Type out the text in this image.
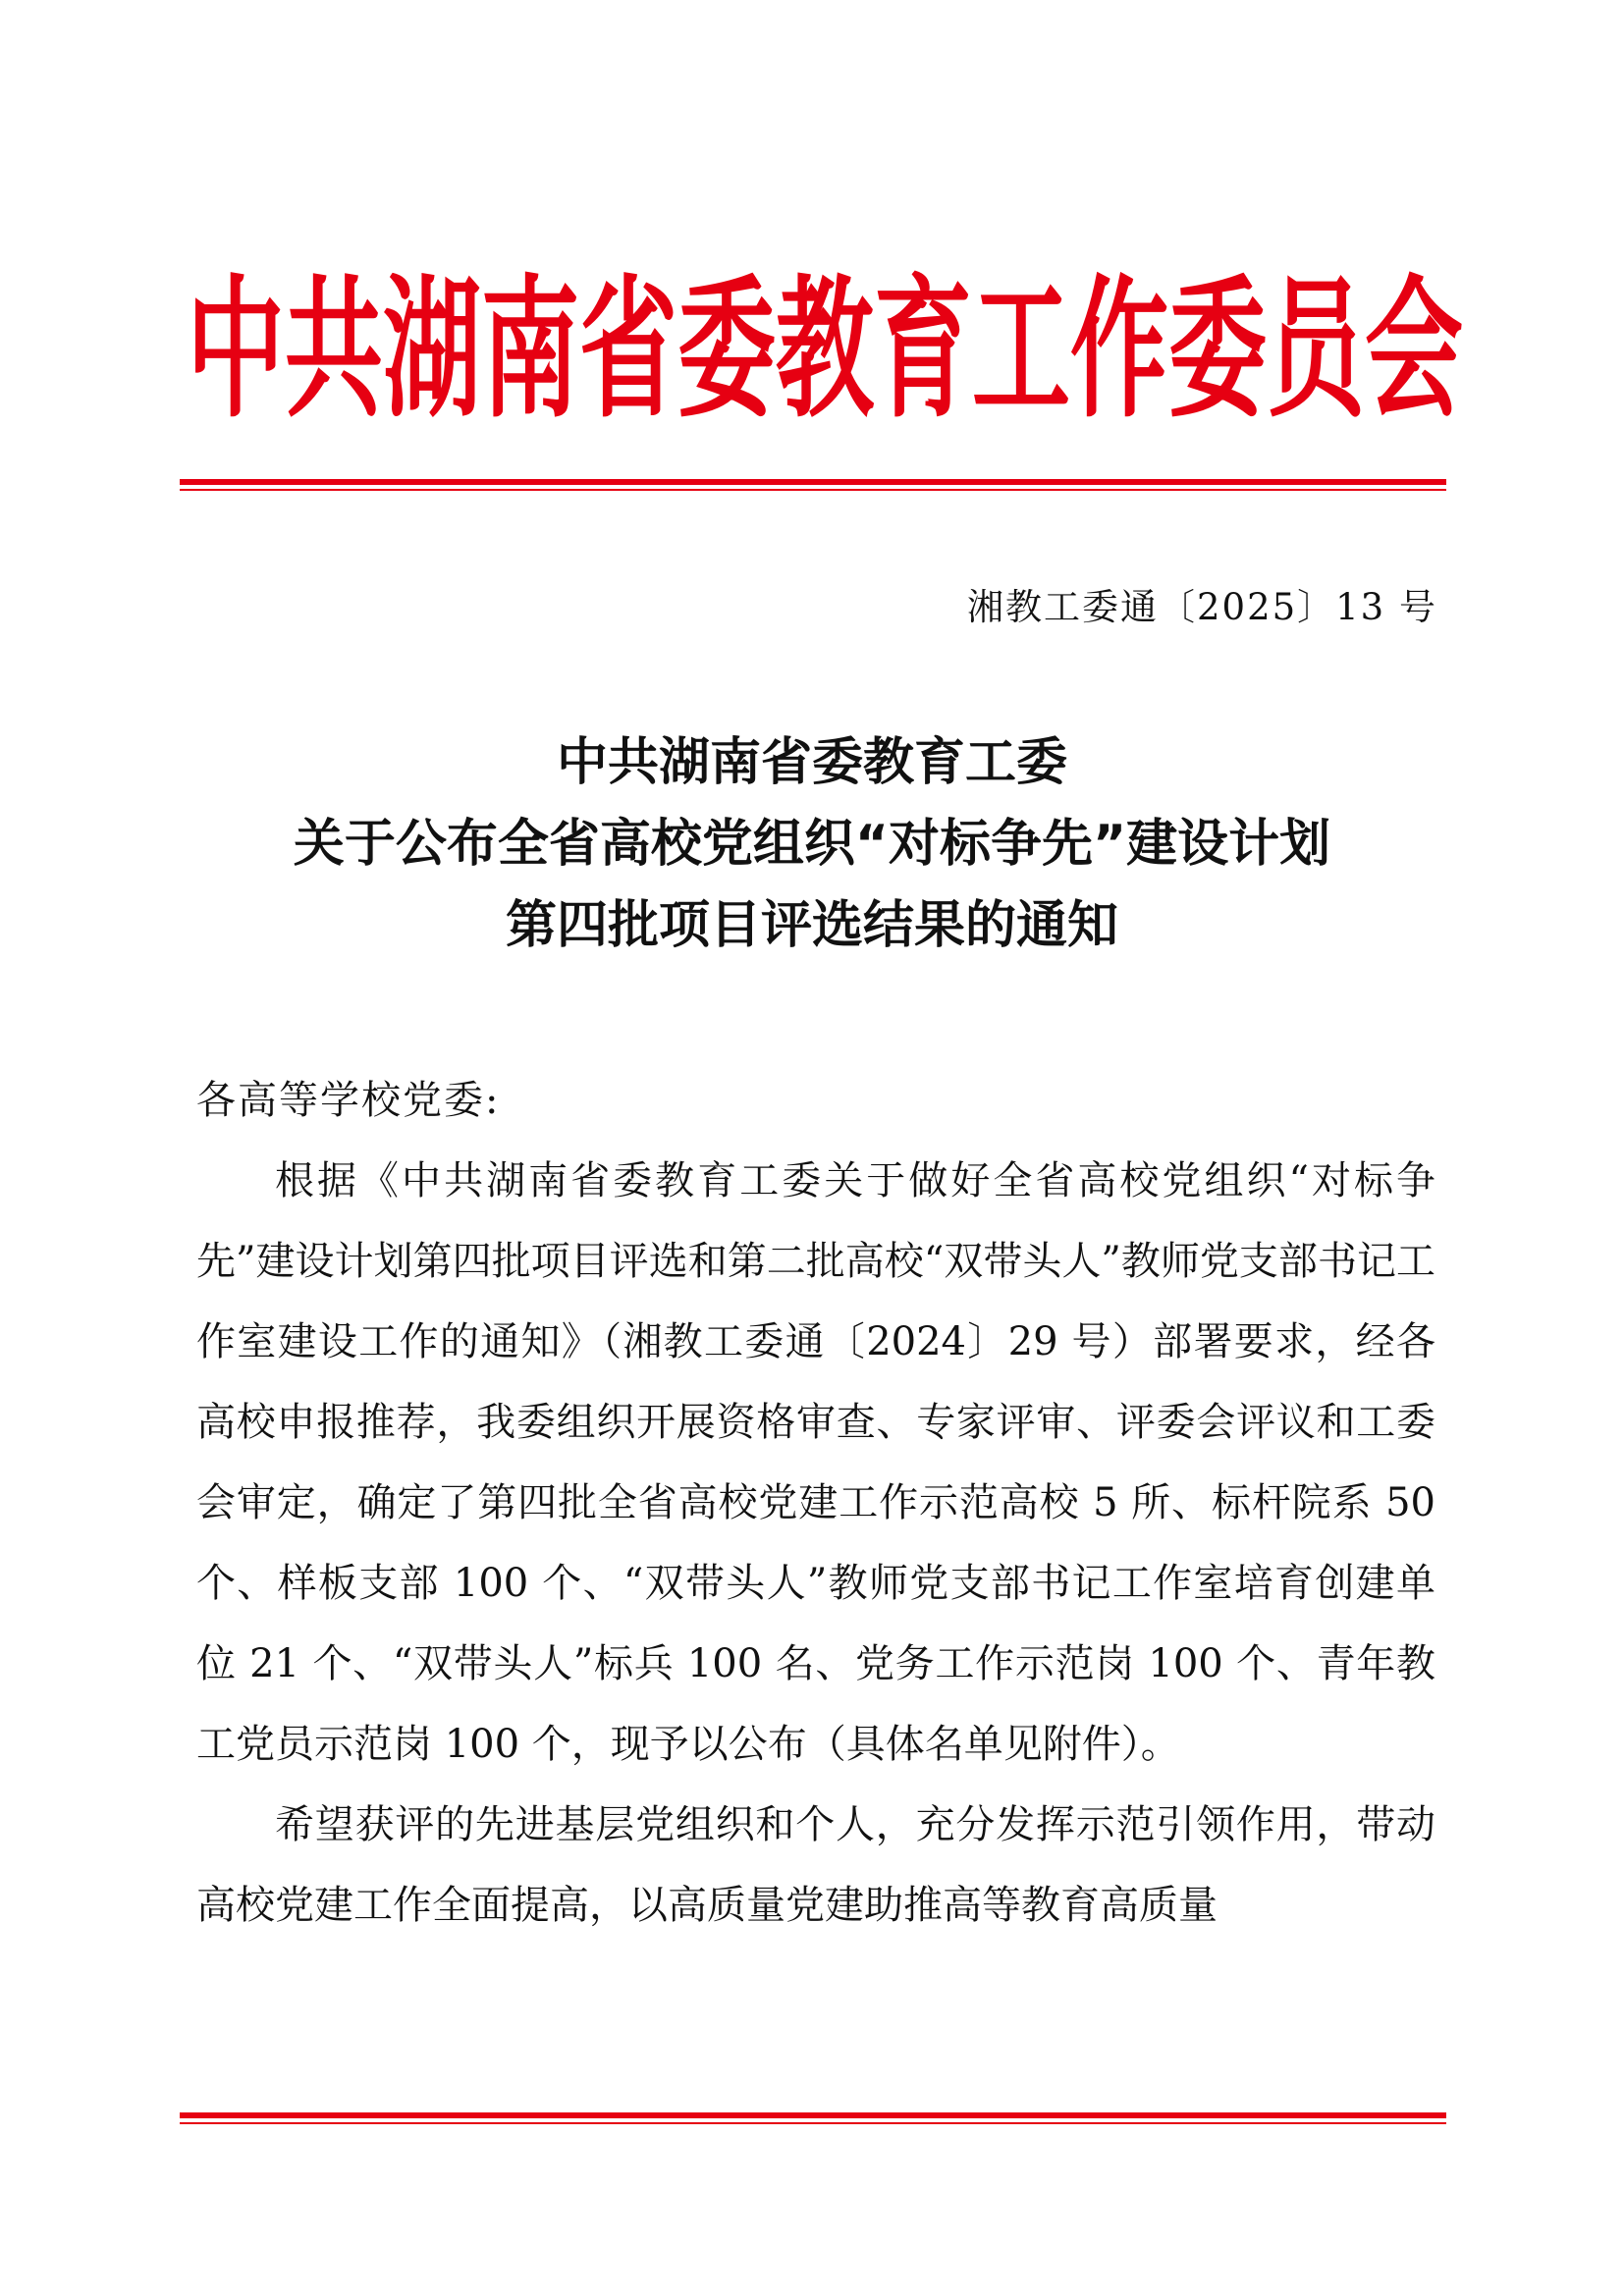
中 共 湖 南 省 委 教 育 工 作 委 员 会
湘教工委通〔2025〕13 号
中共湖南省委教育工委
关于公布全省高校党组织“对标争先”建设计划
第四批项目评选结果的通知

各高等学校党委:

根据《中共湖南省委教育工委关于做好全省高校党组织“对标争先”建设计划第四批项目评选和第二批高校“双带头人”教师党支部书记工作室建设工作的通知》（湘教工委通〔2024〕29 号）部署要求，经各高校申报推荐，我委组织开展资格审查、专家评审、评委会评议和工委会审定，确定了第四批全省高校党建工作示范高校 5 所、标杆院系 50 个、样板支部 100 个、“双带头人”教师党支部书记工作室培育创建单位 21 个、“双带头人”标兵 100 名、党务工作示范岗 100 个、青年教工党员示范岗 100 个，现予以公布（具体名单见附件）。

希望获评的先进基层党组织和个人，充分发挥示范引领作用，带动高校党建工作全面提高，以高质量党建助推高等教育高质量
